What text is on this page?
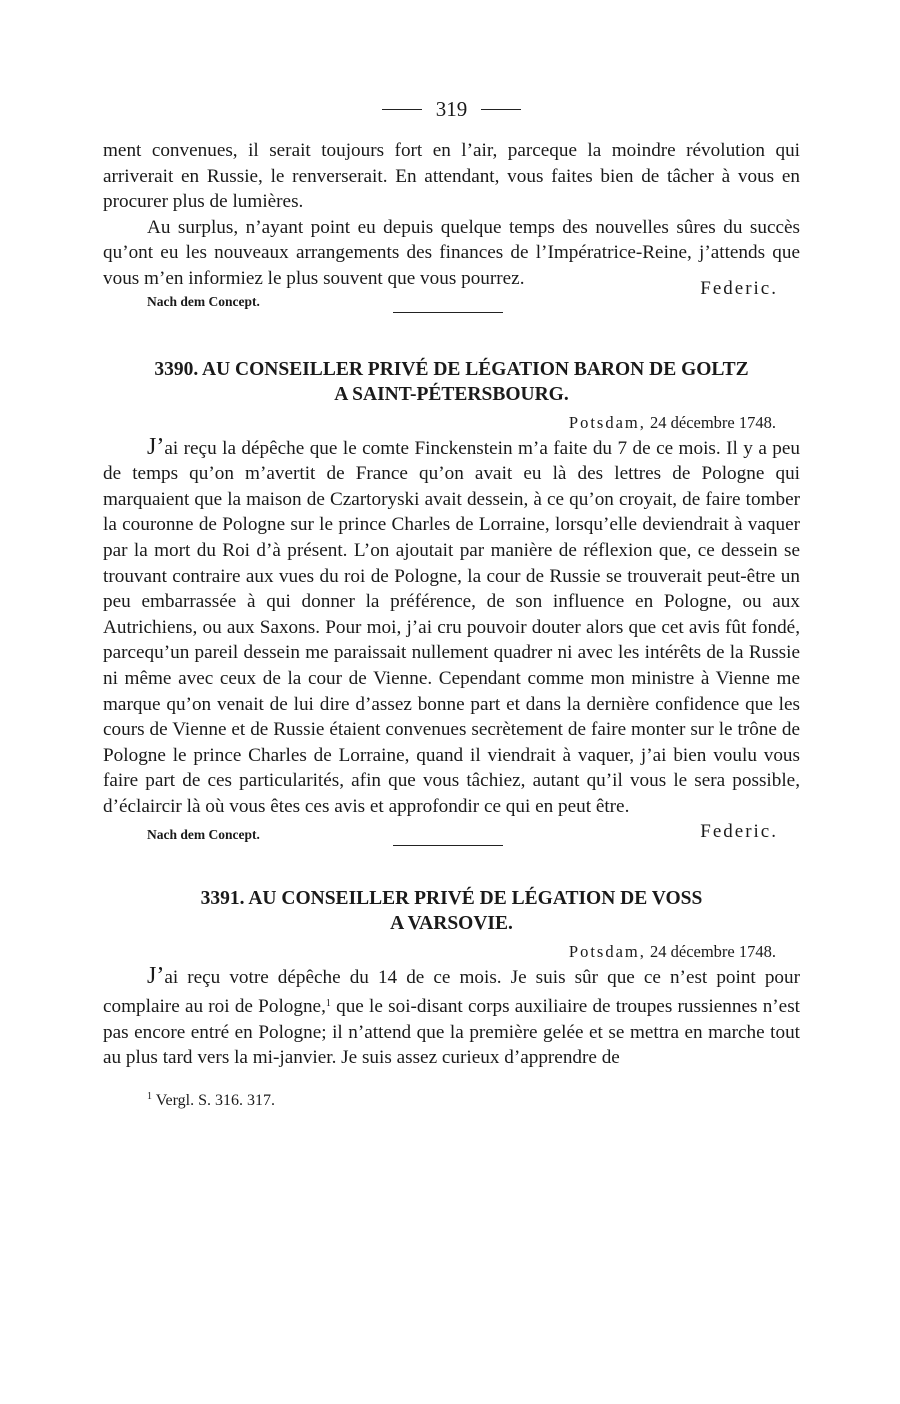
319

ment convenues, il serait toujours fort en l’air, parceque la moindre révolution qui arriverait en Russie, le renverserait. En attendant, vous faites bien de tâcher à vous en procurer plus de lumières.

Au surplus, n’ayant point eu depuis quelque temps des nouvelles sûres du succès qu’ont eu les nouveaux arrangements des finances de l’Impératrice-Reine, j’attends que vous m’en informiez le plus souvent que vous pourrez.

Nach dem Concept.
Federic.
3390. AU CONSEILLER PRIVÉ DE LÉGATION BARON DE GOLTZ
A SAINT-PÉTERSBOURG.
Potsdam, 24 décembre 1748.

J’ai reçu la dépêche que le comte Finckenstein m’a faite du 7 de ce mois. Il y a peu de temps qu’on m’avertit de France qu’on avait eu là des lettres de Pologne qui marquaient que la maison de Czartoryski avait dessein, à ce qu’on croyait, de faire tomber la couronne de Pologne sur le prince Charles de Lorraine, lorsqu’elle deviendrait à vaquer par la mort du Roi d’à présent. L’on ajoutait par manière de réflexion que, ce dessein se trouvant contraire aux vues du roi de Pologne, la cour de Russie se trouverait peut-être un peu embarrassée à qui donner la préférence, de son influence en Pologne, ou aux Autrichiens, ou aux Saxons. Pour moi, j’ai cru pouvoir douter alors que cet avis fût fondé, parcequ’un pareil dessein me paraissait nullement quadrer ni avec les intérêts de la Russie ni même avec ceux de la cour de Vienne. Cependant comme mon ministre à Vienne me marque qu’on venait de lui dire d’assez bonne part et dans la dernière confidence que les cours de Vienne et de Russie étaient convenues secrètement de faire monter sur le trône de Pologne le prince Charles de Lorraine, quand il viendrait à vaquer, j’ai bien voulu vous faire part de ces particularités, afin que vous tâchiez, autant qu’il vous le sera possible, d’éclaircir là où vous êtes ces avis et approfondir ce qui en peut être.

Nach dem Concept.	Federic.
3391. AU CONSEILLER PRIVÉ DE LÉGATION DE VOSS
A VARSOVIE.
Potsdam, 24 décembre 1748.

J’ai reçu votre dépêche du 14 de ce mois. Je suis sûr que ce n’est point pour complaire au roi de Pologne,$^1$ que le soi-disant corps auxiliaire de troupes russiennes n’est pas encore entré en Pologne; il n’attend que la première gelée et se mettra en marche tout au plus tard vers la mi-janvier. Je suis assez curieux d’apprendre de

$^1$ Vergl. S. 316. 317.
